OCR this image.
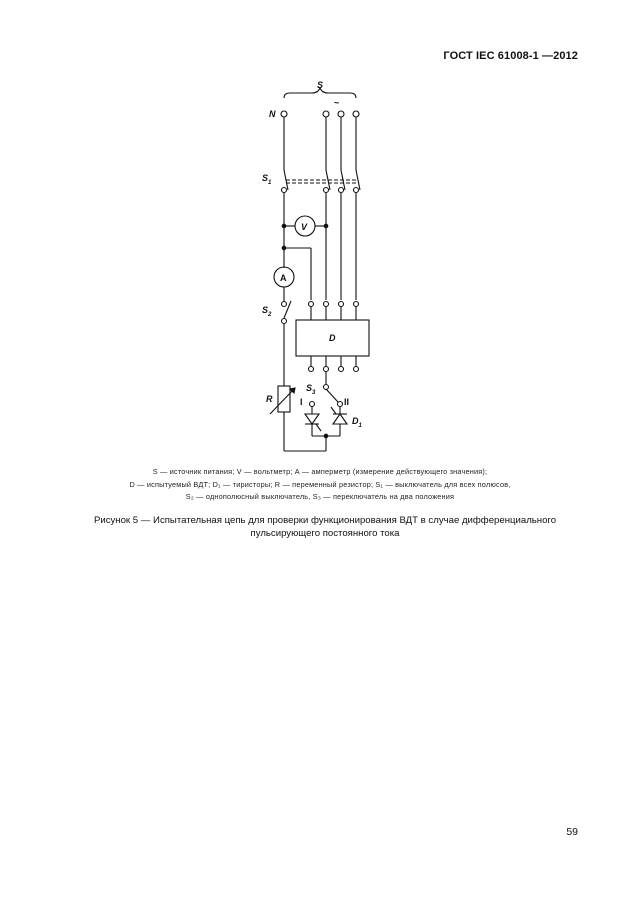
ГОСТ IEC 61008-1 —2012
S
N
~
$S_1$
V
A
$S_2$
D
$S_3$
I	II
$D_1$
R

S — источник питания; V — вольтметр; A — амперметр (измерение действующего значения);

D — испытуемый ВДТ; D₁ — тиристоры; R — переменный резистор; S₁ — выключатель для всех полюсов,

S₂ — однополюсный выключатель, S₃ — переключатель на два положения

Рисунок 5 — Испытательная цепь для проверки функционирования ВДТ в случае дифференциального

пульсирующего постоянного тока

59
